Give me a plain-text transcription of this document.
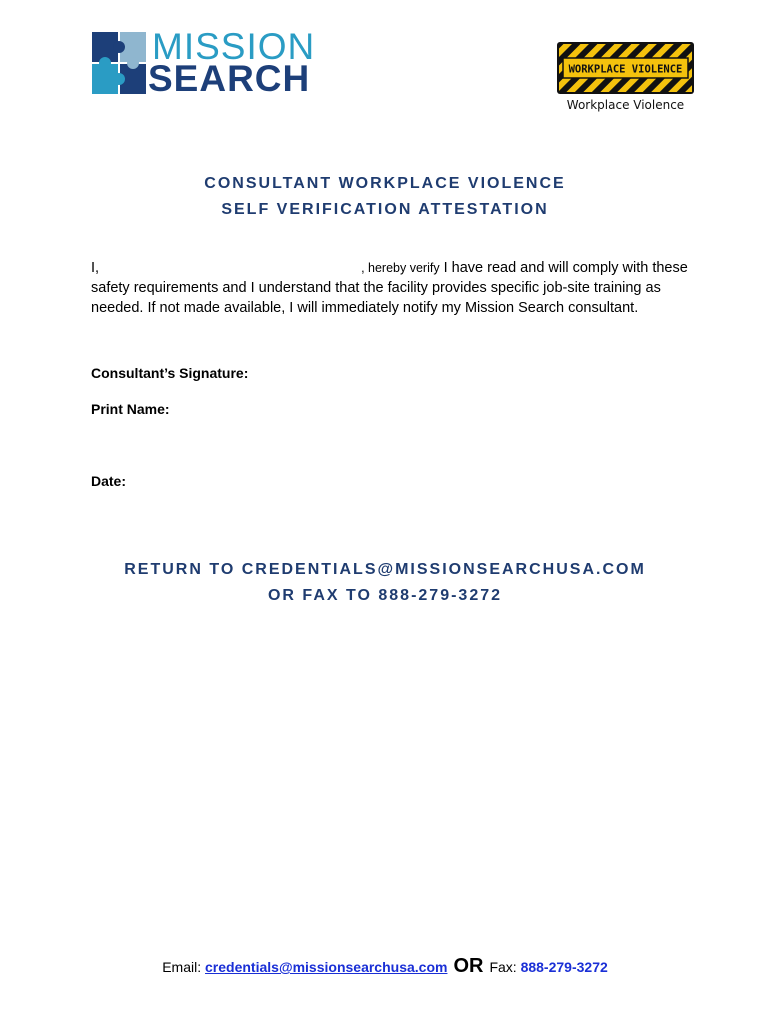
MISSION
SEARCH	WORKPLACE VIOLENCE
Workplace Violence
CONSULTANT WORKPLACE VIOLENCE
SELF VERIFICATION ATTESTATION
I,	, hereby verify I have read and will comply with these safety requirements and I understand that the facility provides specific job-site training as needed. If not made available, I will immediately notify my Mission Search consultant.
Consultant’s Signature:
Print Name:
Date:
RETURN TO CREDENTIALS@MISSIONSEARCHUSA.COM
OR FAX TO 888-279-3272
Email: credentials@missionsearchusa.com OR Fax: 888-279-3272
